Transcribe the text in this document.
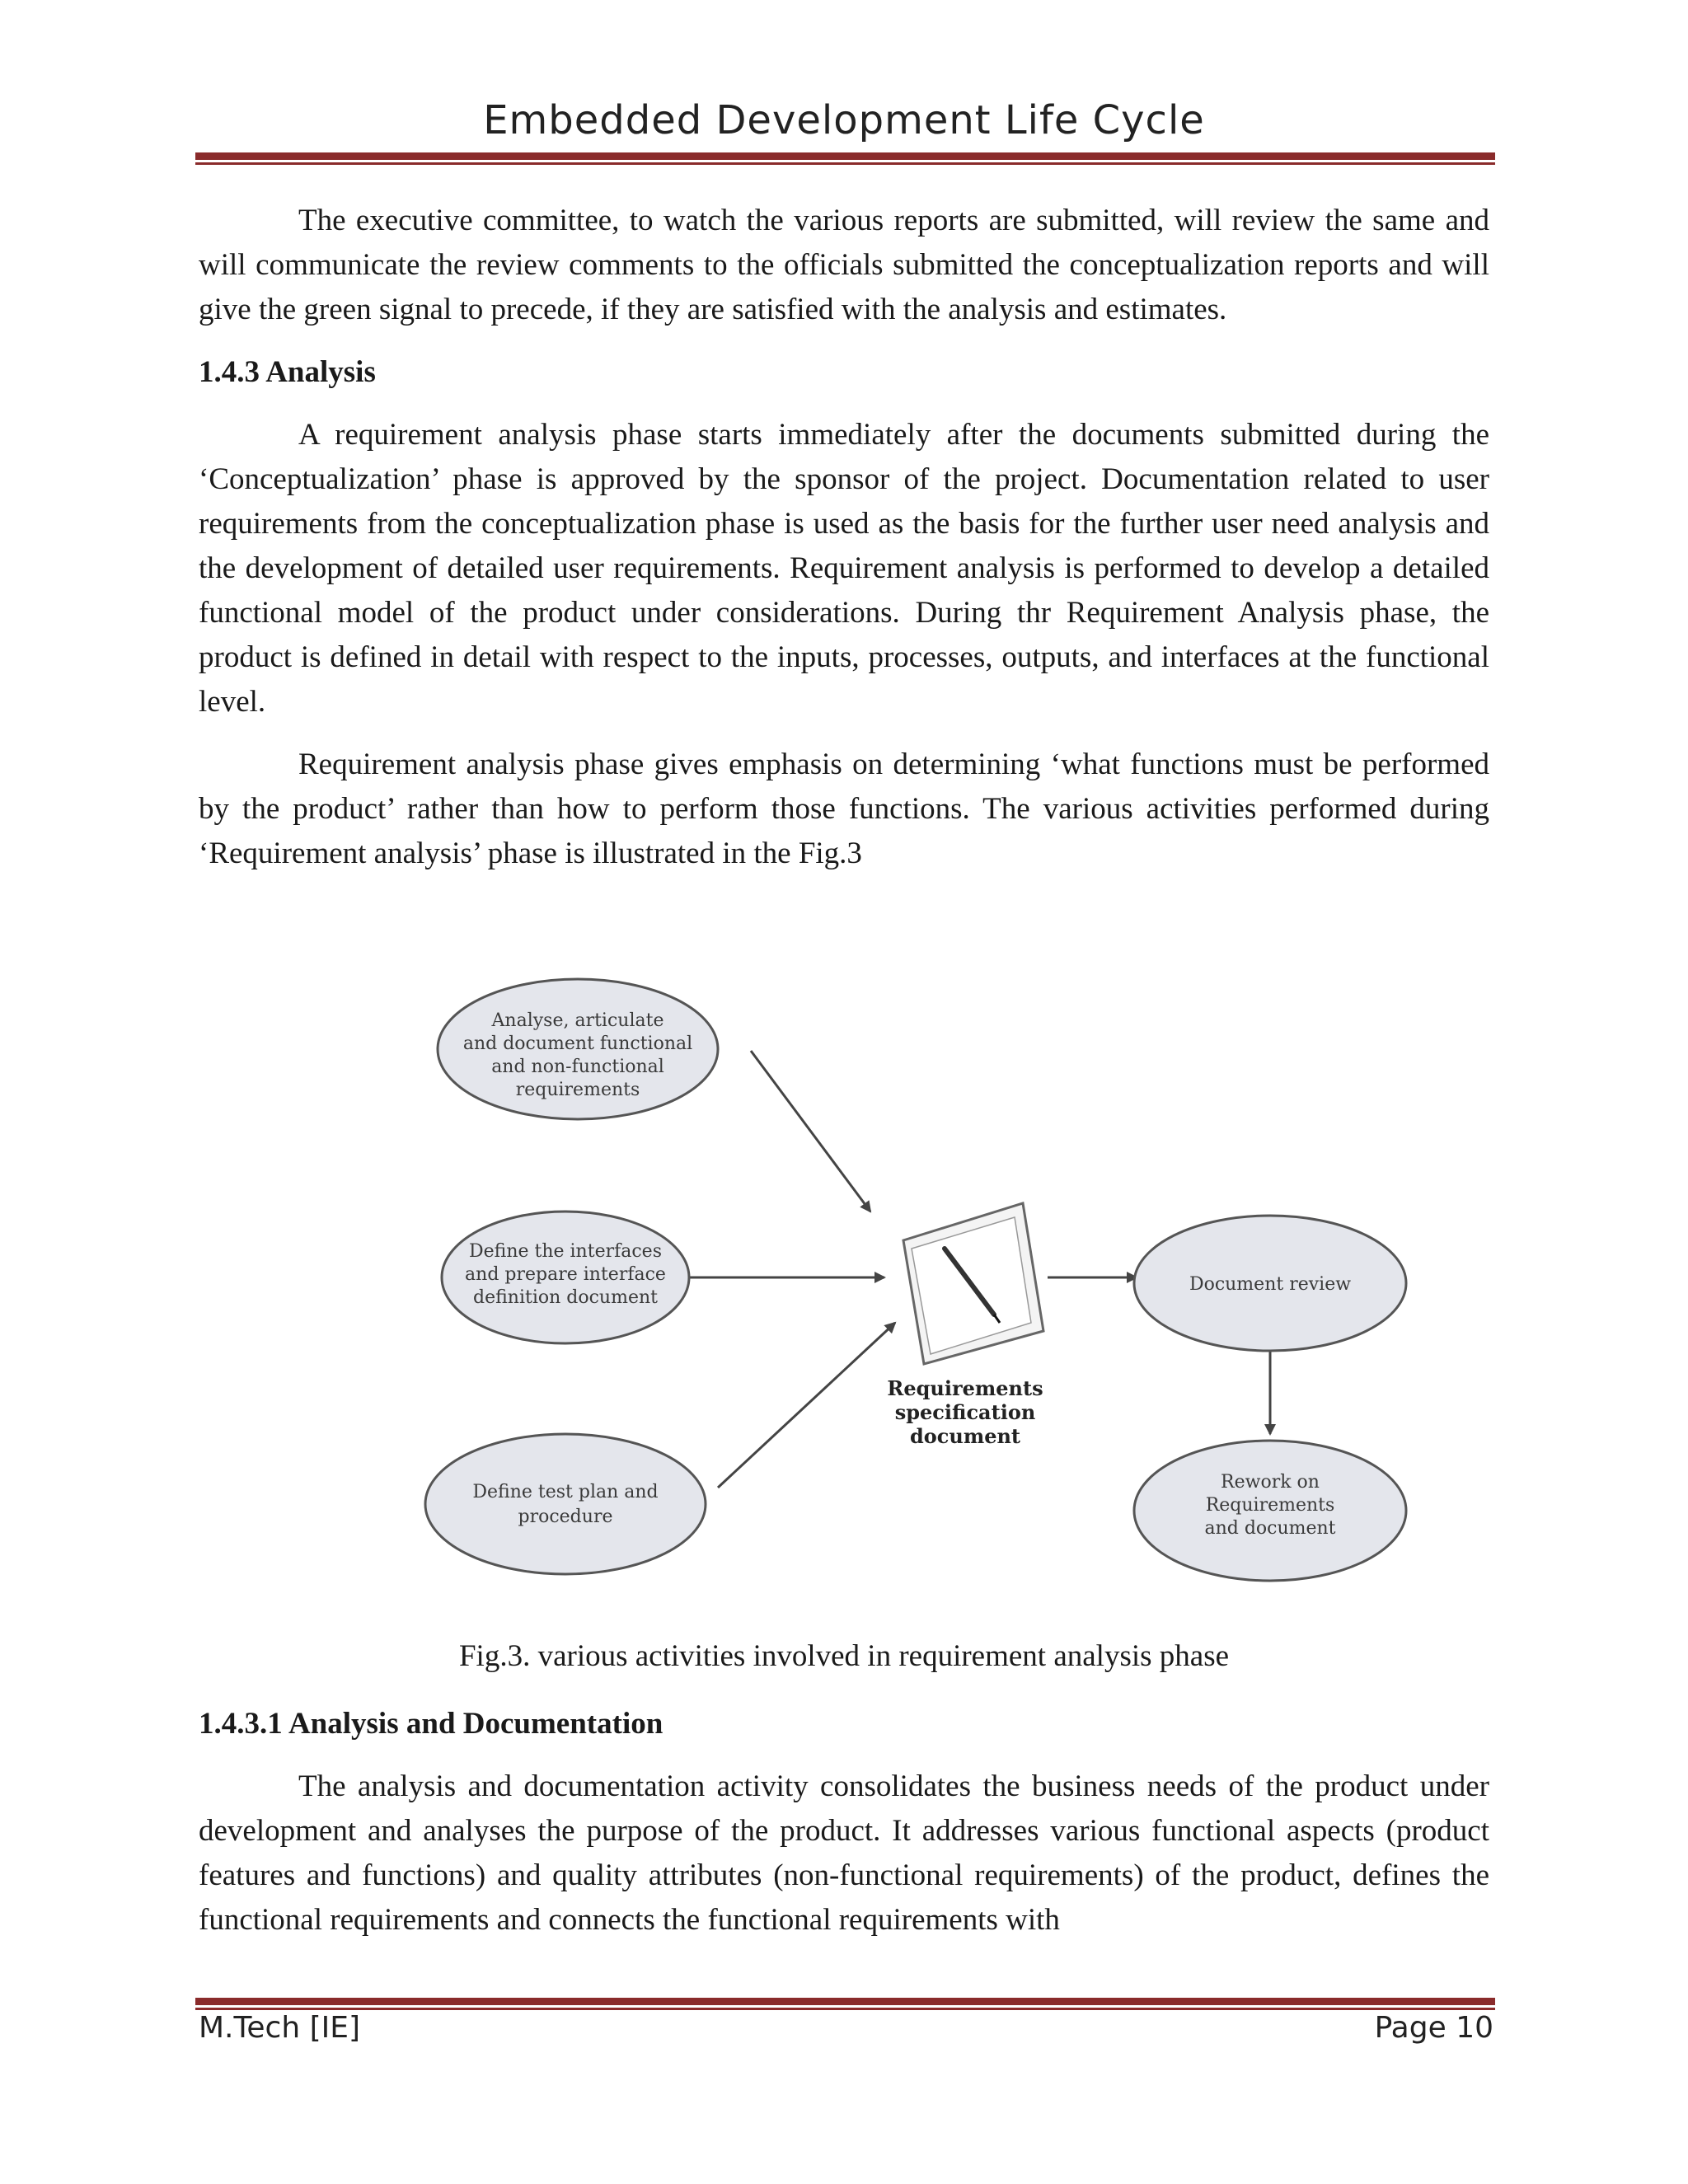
Embedded Development Life Cycle

The executive committee, to watch the various reports are submitted, will review the same and will communicate the review comments to the officials submitted the conceptualization reports and will give the green signal to precede, if they are satisfied with the analysis and estimates.

1.4.3 Analysis

A requirement analysis phase starts immediately after the documents submitted during the ‘Conceptualization’ phase is approved by the sponsor of the project. Documentation related to user requirements from the conceptualization phase is used as the basis for the further user need analysis and the development of detailed user requirements. Requirement analysis is performed to develop a detailed functional model of the product under considerations. During thr Requirement Analysis phase, the product is defined in detail with respect to the inputs, processes, outputs, and interfaces at the functional level.

Requirement analysis phase gives emphasis on determining ‘what functions must be performed by the product’ rather than how to perform those functions. The various activities performed during ‘Requirement analysis’ phase is illustrated in the Fig.3

Analyse, articulate
and document functional
and non-functional
requirements
Define the interfaces
and prepare interface
definition document
Define test plan and
procedure
Document review
Rework on
Requirements
and document
Requirements
specification
document
Fig.3. various activities involved in requirement analysis phase
1.4.3.1 Analysis and Documentation

The analysis and documentation activity consolidates the business needs of the product under development and analyses the purpose of the product. It addresses various functional aspects (product features and functions) and quality attributes (non-functional requirements) of the product, defines the functional requirements and connects the functional requirements with

M.Tech [IE]	Page 10
